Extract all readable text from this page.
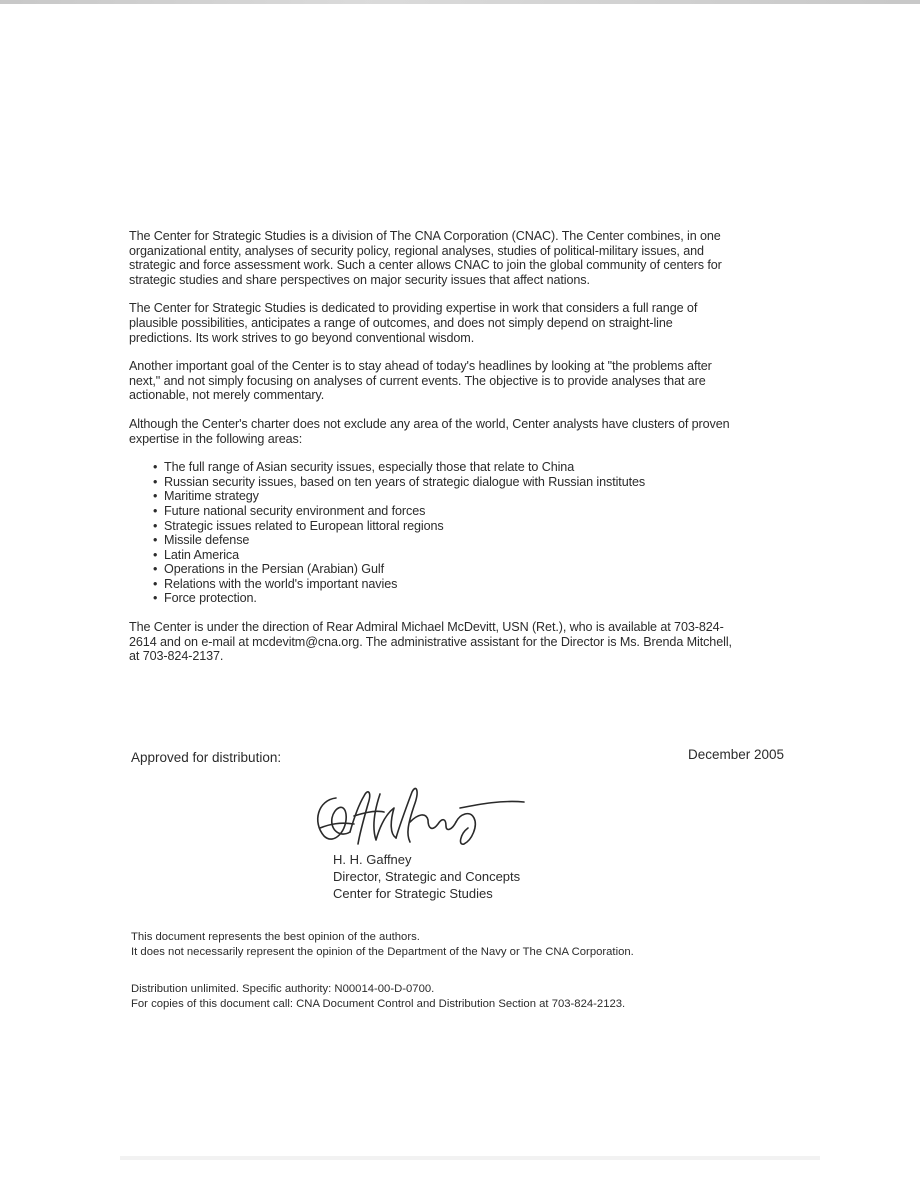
The Center for Strategic Studies is a division of The CNA Corporation (CNAC). The Center combines, in one organizational entity, analyses of security policy, regional analyses, studies of political-military issues, and strategic and force assessment work. Such a center allows CNAC to join the global community of centers for strategic studies and share perspectives on major security issues that affect nations.

The Center for Strategic Studies is dedicated to providing expertise in work that considers a full range of plausible possibilities, anticipates a range of outcomes, and does not simply depend on straight-line predictions. Its work strives to go beyond conventional wisdom.

Another important goal of the Center is to stay ahead of today's headlines by looking at "the problems after next," and not simply focusing on analyses of current events. The objective is to provide analyses that are actionable, not merely commentary.

Although the Center's charter does not exclude any area of the world, Center analysts have clusters of proven expertise in the following areas:

• The full range of Asian security issues, especially those that relate to China
• Russian security issues, based on ten years of strategic dialogue with Russian institutes
• Maritime strategy
• Future national security environment and forces
• Strategic issues related to European littoral regions
• Missile defense
• Latin America
• Operations in the Persian (Arabian) Gulf
• Relations with the world's important navies
• Force protection.

The Center is under the direction of Rear Admiral Michael McDevitt, USN (Ret.), who is available at 703-824-2614 and on e-mail at mcdevitm@cna.org. The administrative assistant for the Director is Ms. Brenda Mitchell, at 703-824-2137.

Approved for distribution:	December 2005
H. H. Gaffney
Director, Strategic and Concepts
Center for Strategic Studies
This document represents the best opinion of the authors.
It does not necessarily represent the opinion of the Department of the Navy or The CNA Corporation.
Distribution unlimited. Specific authority: N00014-00-D-0700.
For copies of this document call: CNA Document Control and Distribution Section at 703-824-2123.
